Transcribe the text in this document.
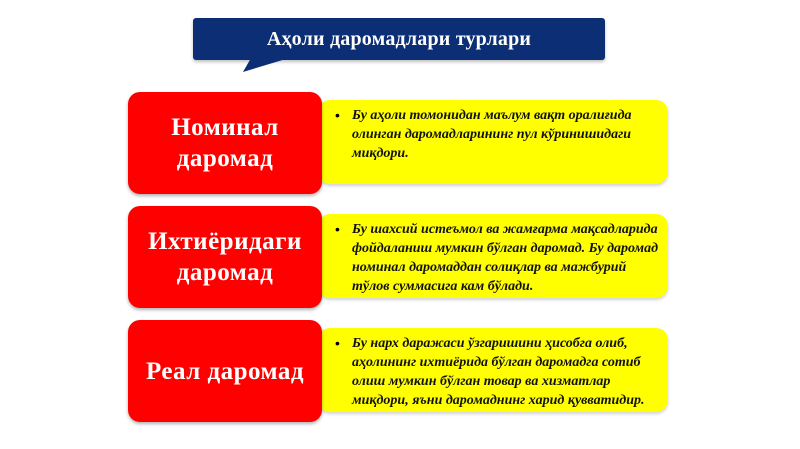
Аҳоли даромадлари турлари
Номинал
даромад
• Бу аҳоли томонидан маълум вақт оралиғида олинган даромадларининг пул кўринишидаги миқдори.
Ихтиёридаги
даромад
• Бу шахсий истеъмол ва жамғарма мақсадларида фойдаланиш мумкин бўлган даромад. Бу даромад номинал даромаддан солиқлар ва мажбурий тўлов суммасига кам бўлади.
Реал даромад
• Бу нарх даражаси ўзгаришини ҳисобга олиб, аҳолининг ихтиёрида бўлган даромадга сотиб олиш мумкин бўлган товар ва хизматлар миқдори, яъни даромаднинг харид қувватидир.
